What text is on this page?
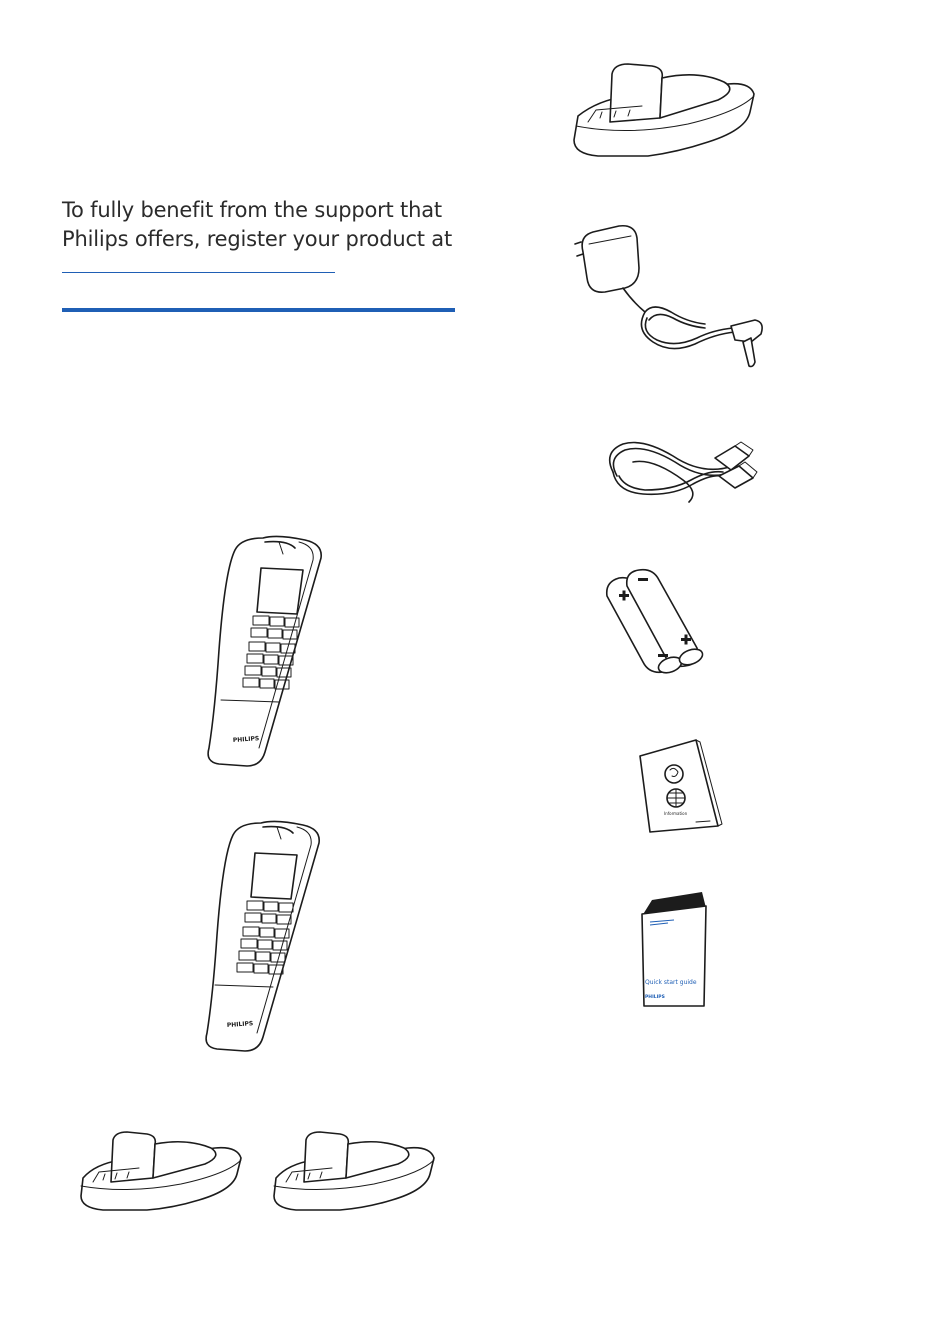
To fully benefit from the support that

Philips offers, register your product at

PHILIPS
PHILIPS
Information
Quick start guide
PHILIPS
